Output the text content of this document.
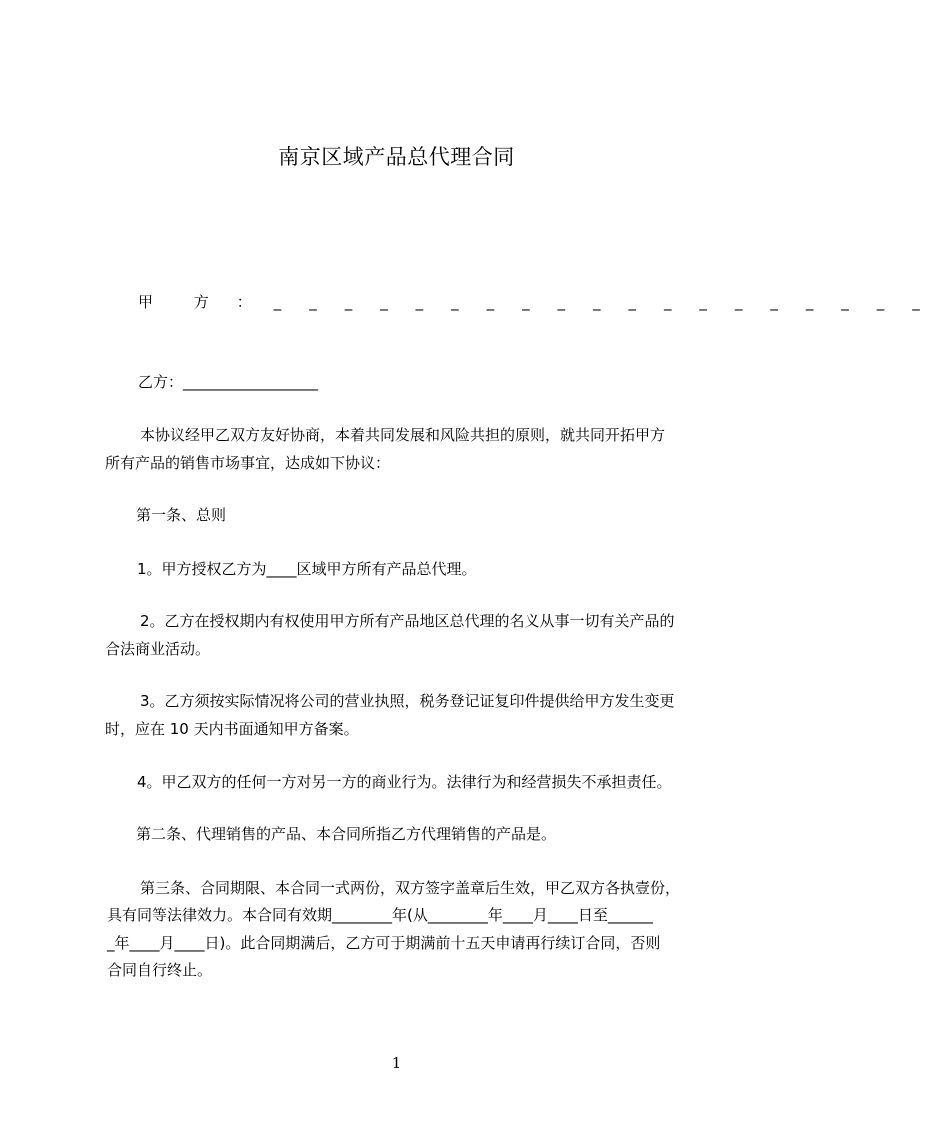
南京区域产品总代理合同
甲 方 ： _ _ _ _ _ _ _ _ _ _ _ _ _ _ _ _ _ _ _
乙方：__________________
本协议经甲乙双方友好协商，本着共同发展和风险共担的原则，就共同开拓甲方
所有产品的销售市场事宜，达成如下协议：
第一条、总则
1。甲方授权乙方为____区域甲方所有产品总代理。
2。乙方在授权期内有权使用甲方所有产品地区总代理的名义从事一切有关产品的
合法商业活动。
3。乙方须按实际情况将公司的营业执照，税务登记证复印件提供给甲方发生变更
时，应在 10 天内书面通知甲方备案。
4。甲乙双方的任何一方对另一方的商业行为。法律行为和经营损失不承担责任。
第二条、代理销售的产品、本合同所指乙方代理销售的产品是。
第三条、合同期限、本合同一式两份，双方签字盖章后生效，甲乙双方各执壹份，
具有同等法律效力。本合同有效期________年(从________年____月____日至______
_年____月____日)。此合同期满后，乙方可于期满前十五天申请再行续订合同，否则
合同自行终止。
1
